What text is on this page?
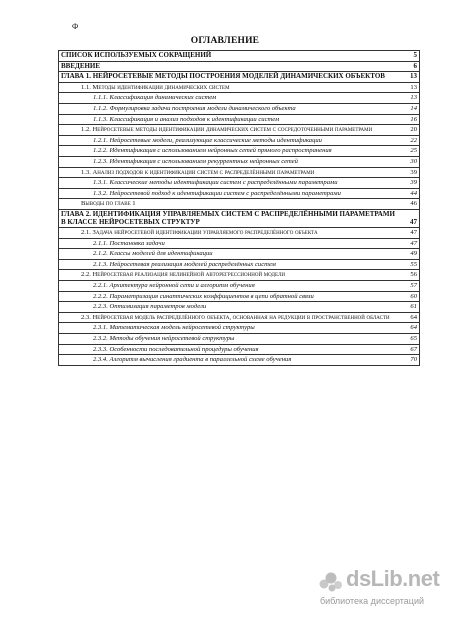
Ф
ОГЛАВЛЕНИЕ
СПИСОК ИСПОЛЬЗУЕМЫХ СОКРАЩЕНИЙ	5
ВВЕДЕНИЕ	6
ГЛАВА 1. НЕЙРОСЕТЕВЫЕ МЕТОДЫ ПОСТРОЕНИЯ МОДЕЛЕЙ ДИНАМИЧЕСКИХ ОБЪЕКТОВ	13
1.1. Методы идентификации динамических систем	13
1.1.1. Классификация динамических систем	13
1.1.2. Формулировка задачи построения модели динамического объекта	14
1.1.3. Классификация и анализ подходов к идентификации систем	16
1.2. Нейросетевые методы идентификации динамических систем с сосредоточенными параметрами	20
1.2.1. Нейросетевые модели, реализующие классические методы идентификации	22
1.2.2. Идентификация с использованием нейронных сетей прямого распространения	25
1.2.3. Идентификация с использованием рекуррентных нейронных сетей	30
1.3. Анализ подходов к идентификации систем с распределёнными параметрами	39
1.3.1. Классические методы идентификации систем с распределёнными параметрами	39
1.3.2. Нейросетевой подход к идентификации систем с распределёнными параметрами	44
Выводы по главе 1	46
ГЛАВА 2. ИДЕНТИФИКАЦИЯ УПРАВЛЯЕМЫХ СИСТЕМ С РАСПРЕДЕЛЁННЫМИ ПАРАМЕТРАМИ В КЛАССЕ НЕЙРОСЕТЕВЫХ СТРУКТУР	47
2.1. Задача нейросетевой идентификации управляемого распределённого объекта	47
2.1.1. Постановка задачи	47
2.1.2. Классы моделей для идентификации	49
2.1.3. Нейросетевая реализация моделей распределённых систем	55
2.2. Нейросетевая реализация нелинейной авторегрессионной модели	56
2.2.1. Архитектура нейронной сети и алгоритм обучения	57
2.2.2. Параметризация синаптических коэффициентов в цепи обратной связи	60
2.2.3. Оптимизация параметров модели	61
2.3. Нейросетевая модель распределённого объекта, основанная на редукции в пространственной области	64
2.3.1. Математическая модель нейросетевой структуры	64
2.3.2. Методы обучения нейросетевой структуры	65
2.3.3. Особенности последовательной процедуры обучения	67
2.3.4. Алгоритм вычисления градиента в параллельной схеме обучения	70
dsLib.net
библиотека диссертаций
